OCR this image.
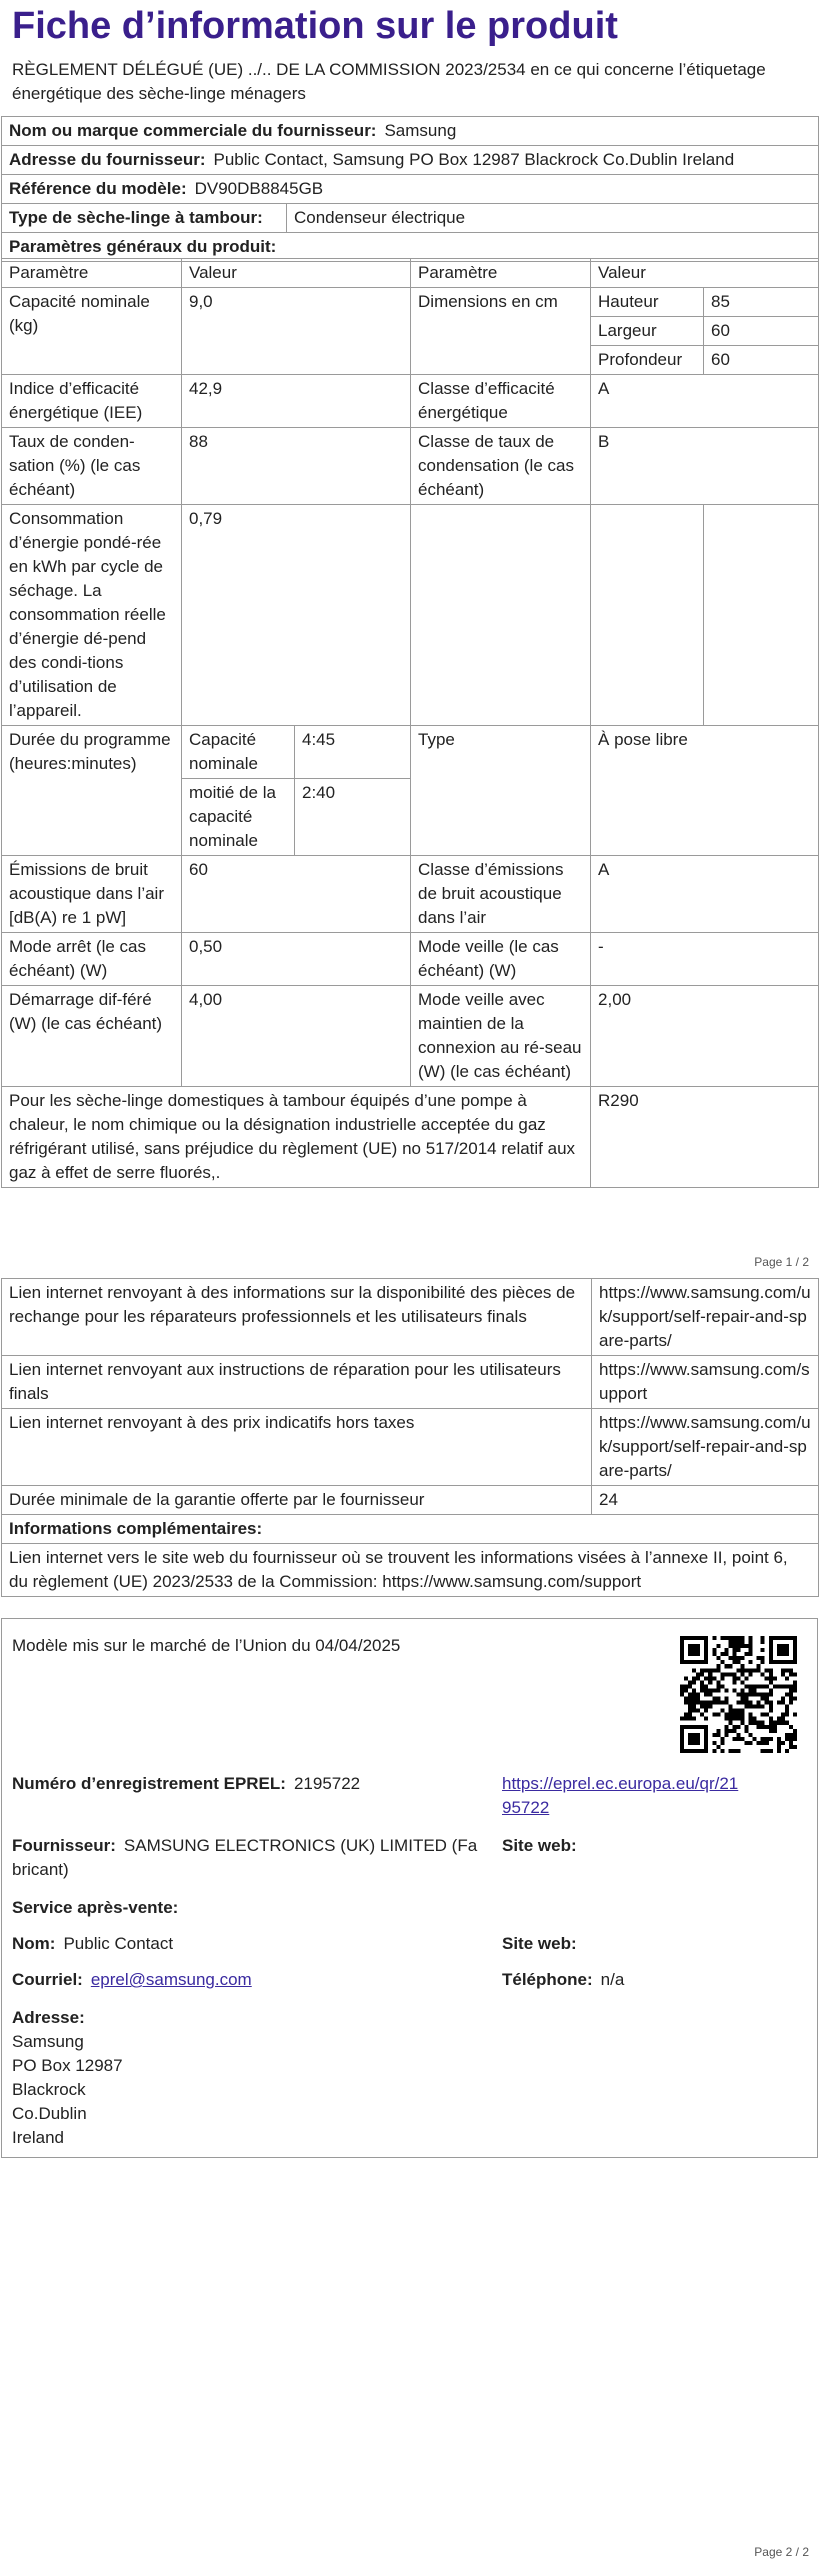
Fiche d’information sur le produit
RÈGLEMENT DÉLÉGUÉ (UE) ../.. DE LA COMMISSION 2023/2534 en ce qui concerne l’étiquetage énergétique des sèche-linge ménagers
Nom ou marque commerciale du fournisseur: Samsung
Adresse du fournisseur: Public Contact, Samsung PO Box 12987 Blackrock Co.Dublin Ireland
Référence du modèle: DV90DB8845GB
Type de sèche-linge à tambour:	Condenseur électrique
Paramètres généraux du produit:
Paramètre	Valeur		Paramètre	Valeur	
Capacité nominale (kg)	9,0		Dimensions en cm	Hauteur	85
				Largeur	60
				Profondeur	60
Indice d’efficacité énergétique (IEE)	42,9		Classe d’efficacité énergétique	A	
Taux de conden-sation (%) (le cas échéant)	88		Classe de taux de condensation (le cas échéant)	B	
Consommation d’énergie pondé-rée en kWh par cycle de séchage. La consommation réelle d’énergie dé-pend des condi-tions d’utilisation de l’appareil.	0,79				
Durée du programme (heures:minutes)	Capacité nominale	4:45	Type	À pose libre	
	moitié de la capacité nominale	2:40			
Émissions de bruit acoustique dans l’air [dB(A) re 1 pW]	60		Classe d’émissions de bruit acoustique dans l’air	A	
Mode arrêt (le cas échéant) (W)	0,50		Mode veille (le cas échéant) (W)	-	
Démarrage dif-féré (W) (le cas échéant)	4,00		Mode veille avec maintien de la connexion au ré-seau (W) (le cas échéant)	2,00	
Pour les sèche-linge domestiques à tambour équipés d’une pompe à chaleur, le nom chimique ou la désignation industrielle acceptée du gaz réfrigérant utilisé, sans préjudice du règlement (UE) no 517/2014 relatif aux gaz à effet de serre fluorés,.				R290	
Page 1 / 2
Lien internet renvoyant à des informations sur la disponibilité des pièces de rechange pour les réparateurs professionnels et les utilisateurs finals	https://www.samsung.com/uk/support/self-repair-and-spare-parts/
Lien internet renvoyant aux instructions de réparation pour les utilisateurs finals	https://www.samsung.com/support
Lien internet renvoyant à des prix indicatifs hors taxes	https://www.samsung.com/uk/support/self-repair-and-spare-parts/
Durée minimale de la garantie offerte par le fournisseur	24
Informations complémentaires:	
Lien internet vers le site web du fournisseur où se trouvent les informations visées à l’annexe II, point 6, du règlement (UE) 2023/2533 de la Commission: https://www.samsung.com/support	
Modèle mis sur le marché de l’Union du 04/04/2025
Numéro d’enregistrement EPREL: 2195722	https://eprel.ec.europa.eu/qr/21
95722
Fournisseur: SAMSUNG ELECTRONICS (UK) LIMITED (Fa
bricant)
Site web:
Service après-vente:
Nom: Public Contact	Site web:
Courriel: eprel@samsung.com	Téléphone: n/a
Adresse:
Samsung
PO Box 12987
Blackrock
Co.Dublin
Ireland
Page 2 / 2
